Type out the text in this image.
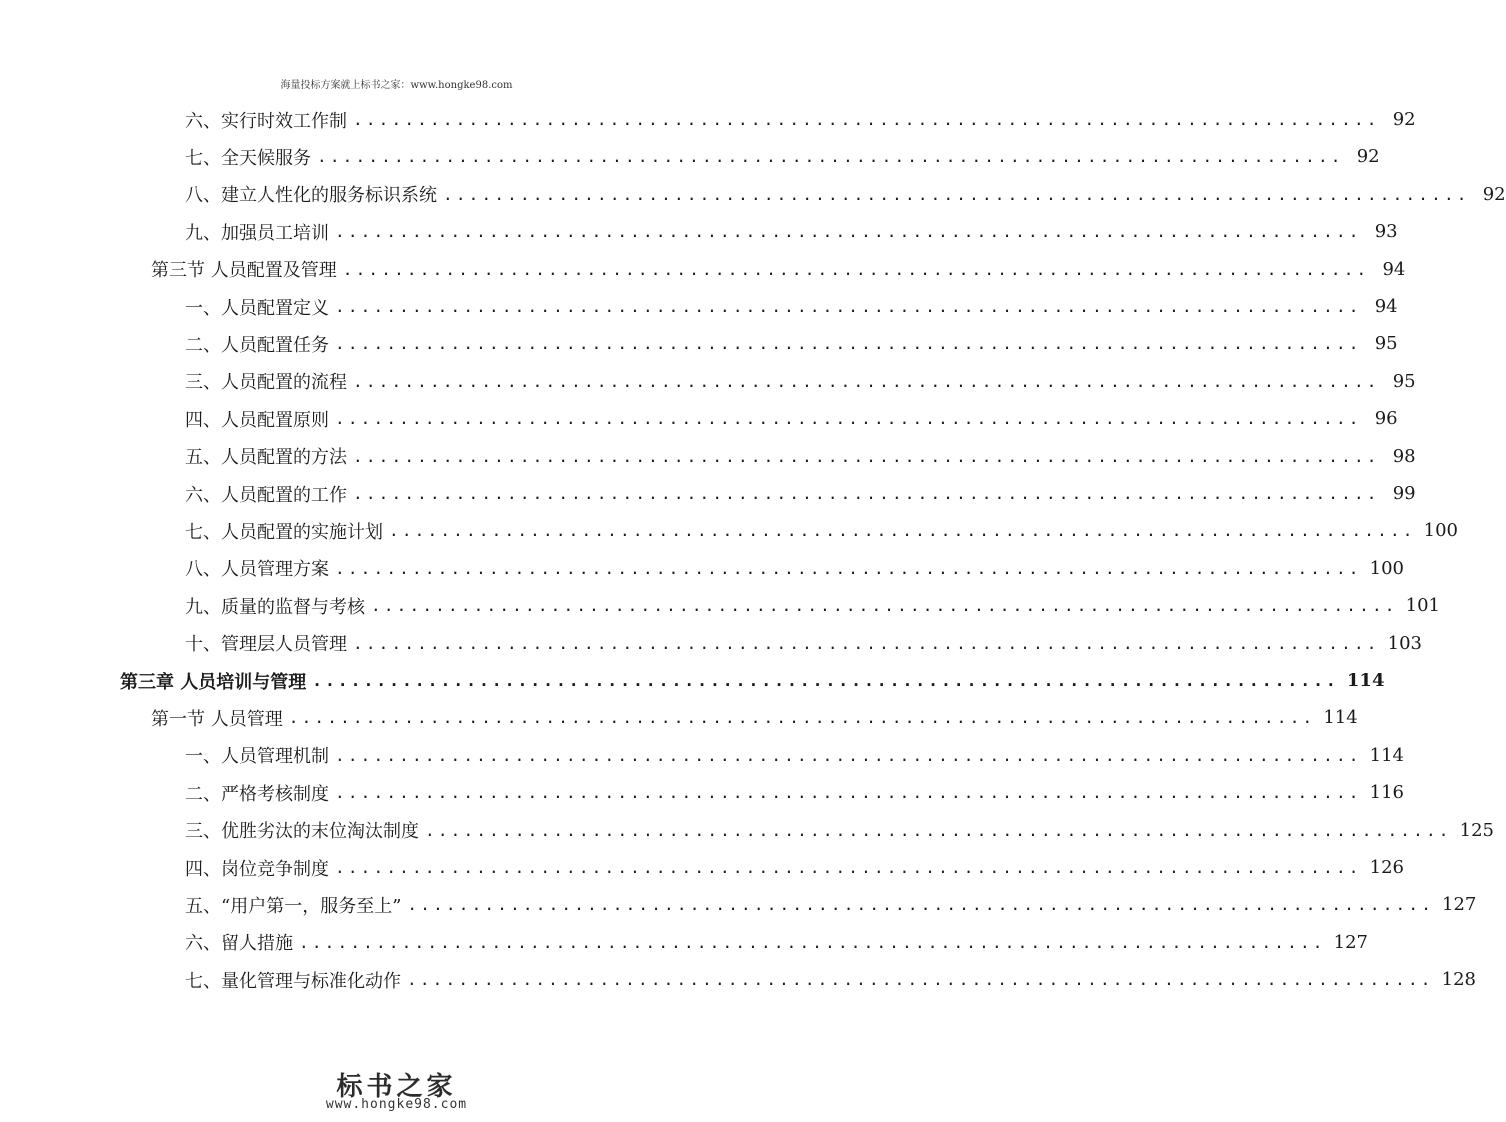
海量投标方案就上标书之家：www.hongke98.com
六、实行时效工作制 ................................................................................ 92
七、全天候服务 ................................................................................ 92
八、建立人性化的服务标识系统 ................................................................................ 92
九、加强员工培训 ................................................................................ 93
第三节 人员配置及管理 ................................................................................ 94
一、人员配置定义 ................................................................................ 94
二、人员配置任务 ................................................................................ 95
三、人员配置的流程 ................................................................................ 95
四、人员配置原则 ................................................................................ 96
五、人员配置的方法 ................................................................................ 98
六、人员配置的工作 ................................................................................ 99
七、人员配置的实施计划 ................................................................................ 100
八、人员管理方案 ................................................................................ 100
九、质量的监督与考核 ................................................................................ 101
十、管理层人员管理 ................................................................................ 103
第三章 人员培训与管理 ................................................................................ 114
第一节 人员管理 ................................................................................ 114
一、人员管理机制 ................................................................................ 114
二、严格考核制度 ................................................................................ 116
三、优胜劣汰的末位淘汰制度 ................................................................................ 125
四、岗位竞争制度 ................................................................................ 126
五、“用户第一，服务至上” ................................................................................ 127
六、留人措施 ................................................................................ 127
七、量化管理与标准化动作 ................................................................................ 128
标书之家
www.hongke98.com
